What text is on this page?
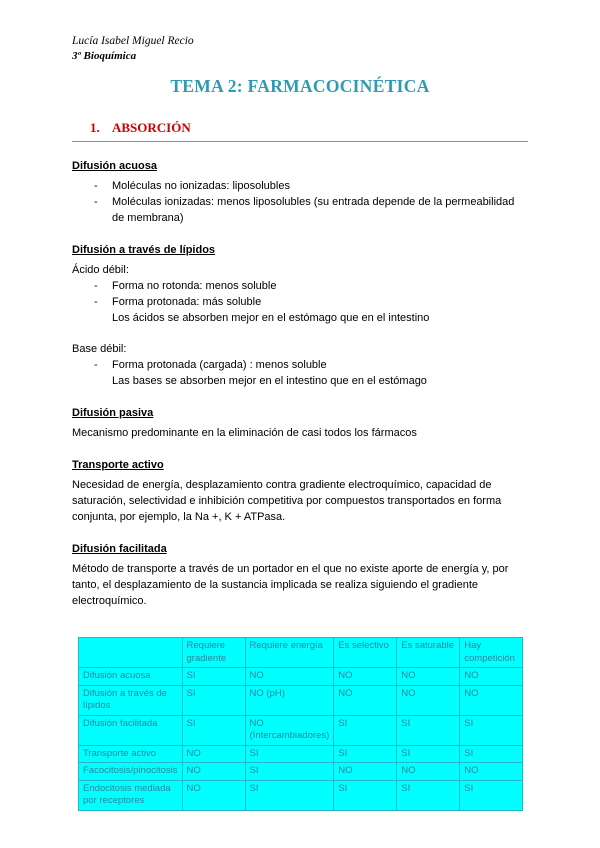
Lucía Isabel Miguel Recio
3º Bioquímica
TEMA 2: FARMACOCINÉTICA
1. ABSORCIÓN
Difusión acuosa
-	Moléculas no ionizadas: liposolubles
-	Moléculas ionizadas: menos liposolubles (su entrada depende de la permeabilidad de membrana)
Difusión a través de lípidos
Ácido débil:
-	Forma no rotonda: menos soluble
-	Forma protonada: más soluble
Los ácidos se absorben mejor en el estómago que en el intestino
Base débil:
-	Forma protonada (cargada) : menos soluble
Las bases se absorben mejor en el intestino que en el estómago
Difusión pasiva
Mecanismo predominante en la eliminación de casi todos los fármacos
Transporte activo
Necesidad de energía, desplazamiento contra gradiente electroquímico, capacidad de saturación, selectividad e inhibición competitiva por compuestos transportados en forma conjunta, por ejemplo, la Na +, K + ATPasa.
Difusión facilitada
Método de transporte a través de un portador en el que no existe aporte de energía y, por tanto, el desplazamiento de la sustancia implicada se realiza siguiendo el gradiente electroquímico.
	Requiere gradiente	Requiere energía	Es selectivo	Es saturable	Hay competición
Difusión acuosa	SI	NO	NO	NO	NO
Difusión a través de lípidos	SI	NO (pH)	NO	NO	NO
Difusión facilitada	SI	NO (Intercambiadores)	SI	SI	SI
Transporte activo	NO	SI	SI	SI	SI
Facocitosis/pinocitosis	NO	SI	NO	NO	NO
Endocitosis mediada por receptores	NO	SI	SI	SI	SI
